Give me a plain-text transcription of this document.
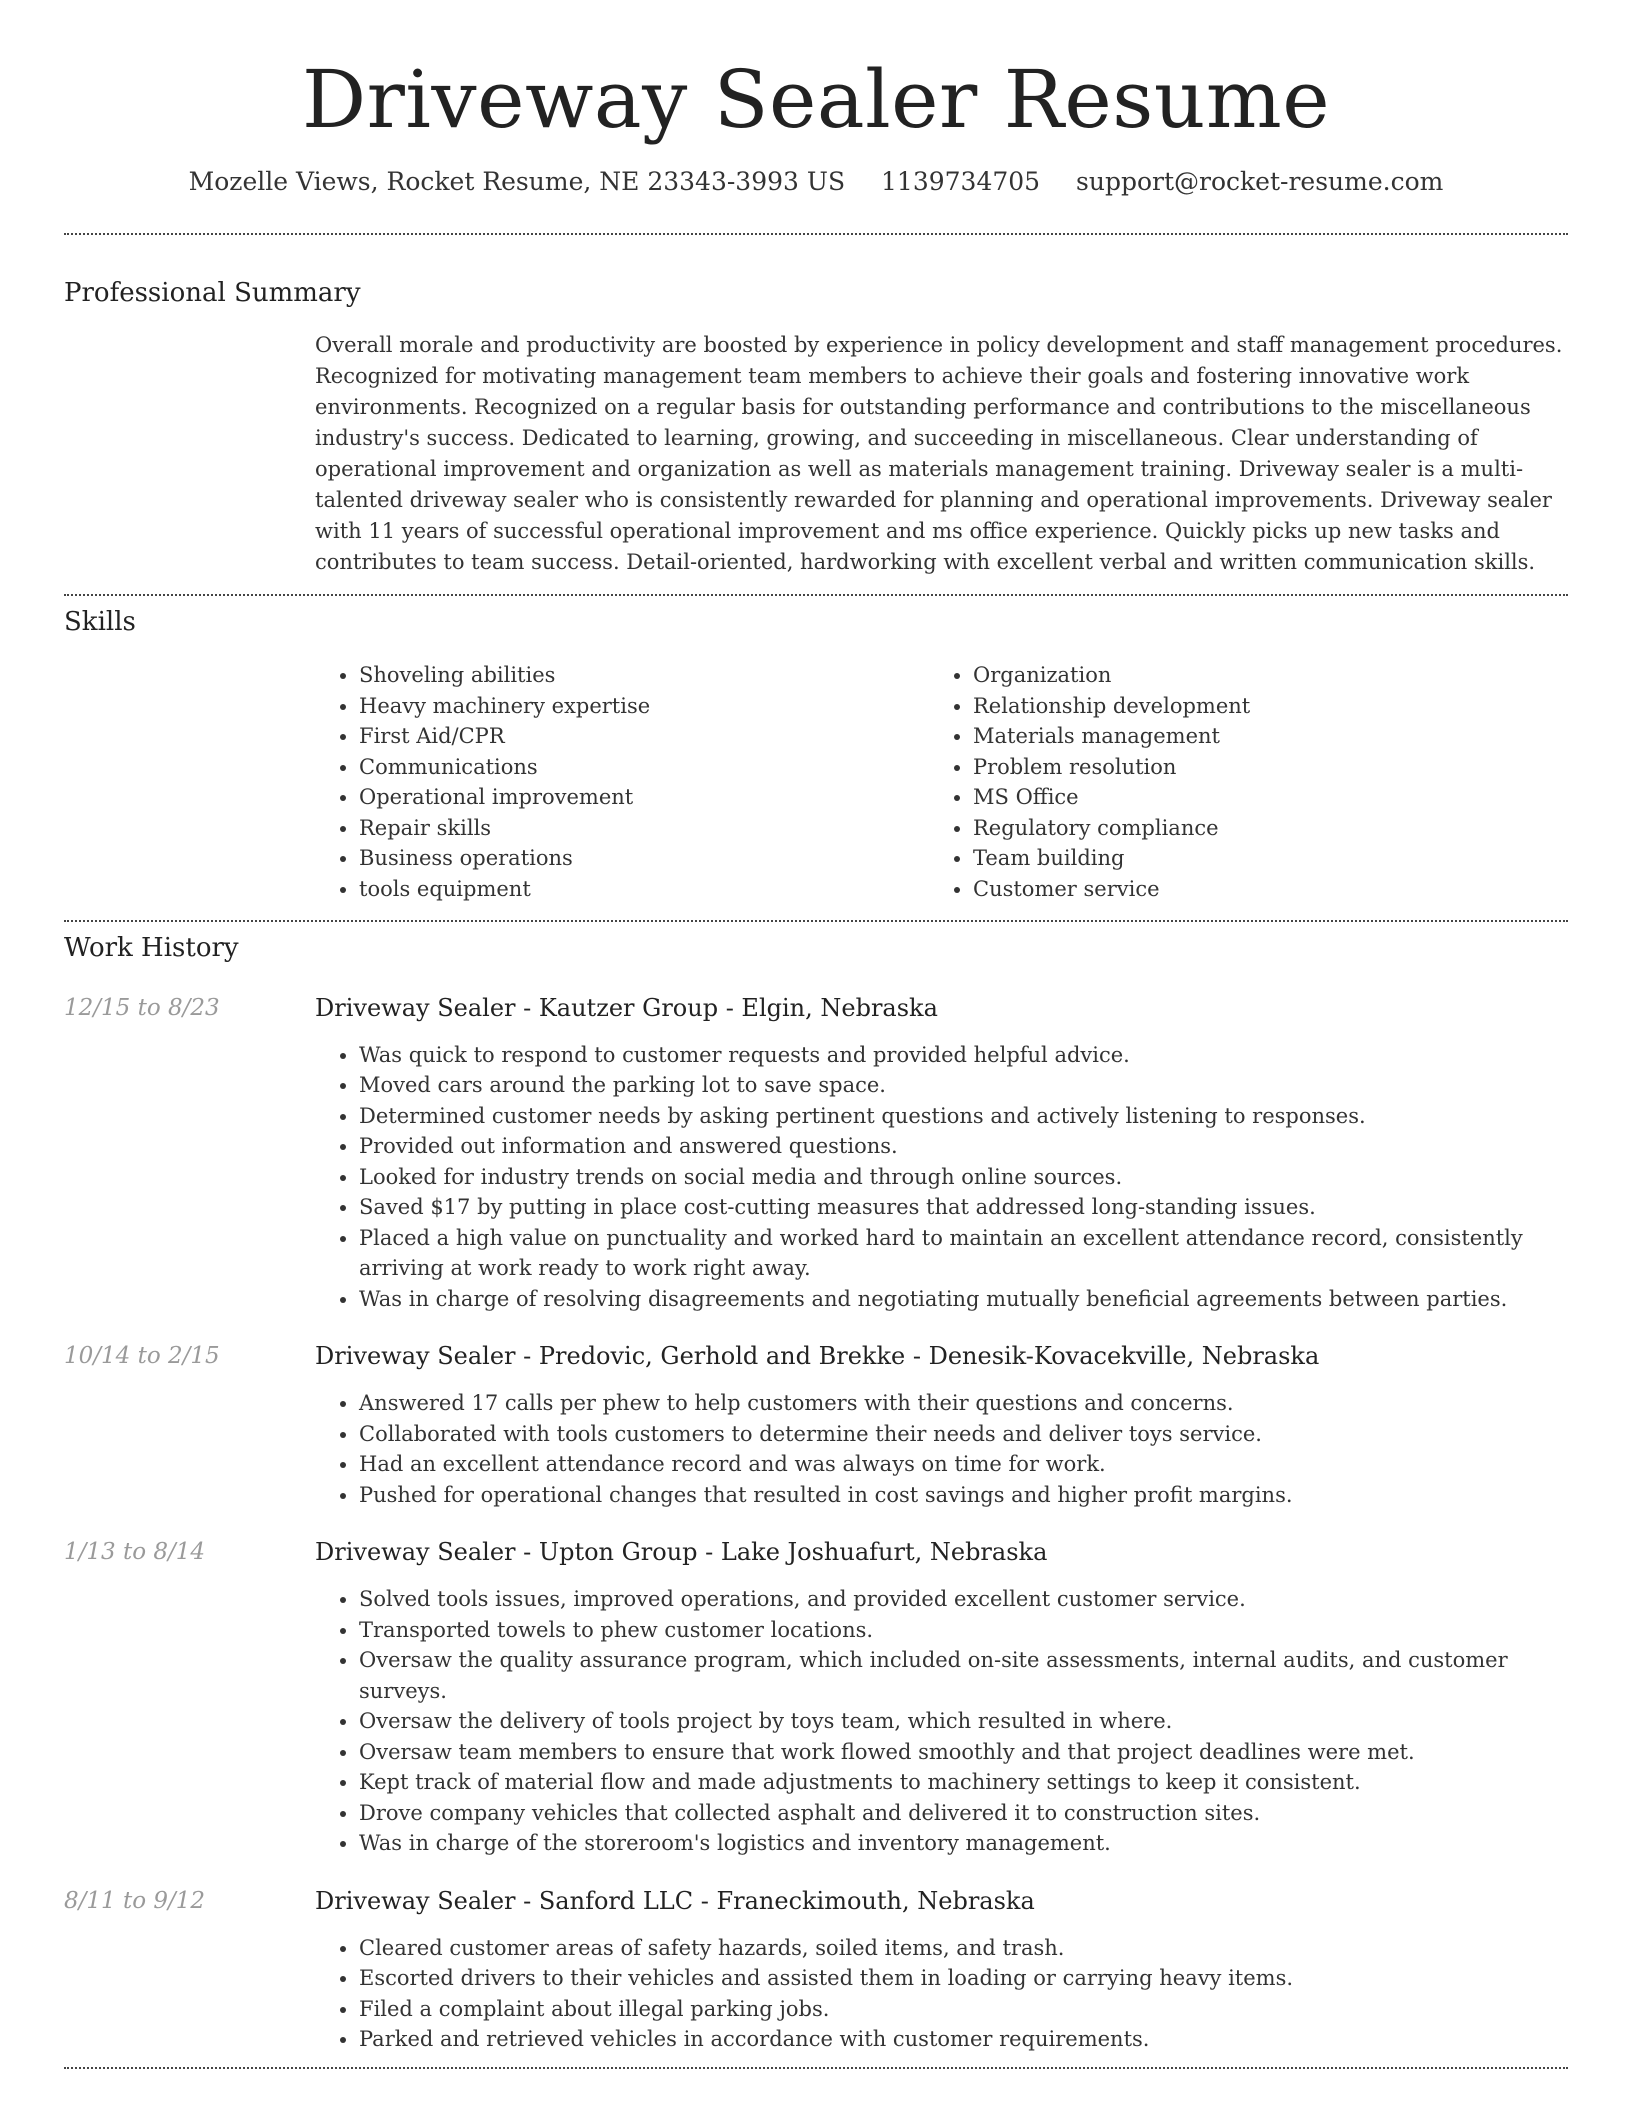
Driveway Sealer Resume
Mozelle Views, Rocket Resume, NE 23343-3993 US 1139734705 support@rocket-resume.com
Professional Summary
Overall morale and productivity are boosted by experience in policy development and staff management procedures. Recognized for motivating management team members to achieve their goals and fostering innovative work environments. Recognized on a regular basis for outstanding performance and contributions to the miscellaneous industry's success. Dedicated to learning, growing, and succeeding in miscellaneous. Clear understanding of operational improvement and organization as well as materials management training. Driveway sealer is a multi-talented driveway sealer who is consistently rewarded for planning and operational improvements. Driveway sealer with 11 years of successful operational improvement and ms office experience. Quickly picks up new tasks and contributes to team success. Detail-oriented, hardworking with excellent verbal and written communication skills.
Skills
• Shoveling abilities
• Heavy machinery expertise
• First Aid/CPR
• Communications
• Operational improvement
• Repair skills
• Business operations
• tools equipment
• Organization
• Relationship development
• Materials management
• Problem resolution
• MS Office
• Regulatory compliance
• Team building
• Customer service
Work History
12/15 to 8/23	Driveway Sealer - Kautzer Group - Elgin, Nebraska
• Was quick to respond to customer requests and provided helpful advice.
• Moved cars around the parking lot to save space.
• Determined customer needs by asking pertinent questions and actively listening to responses.
• Provided out information and answered questions.
• Looked for industry trends on social media and through online sources.
• Saved $17 by putting in place cost-cutting measures that addressed long-standing issues.
• Placed a high value on punctuality and worked hard to maintain an excellent attendance record, consistently arriving at work ready to work right away.
• Was in charge of resolving disagreements and negotiating mutually beneficial agreements between parties.
10/14 to 2/15	Driveway Sealer - Predovic, Gerhold and Brekke - Denesik-Kovacekville, Nebraska
• Answered 17 calls per phew to help customers with their questions and concerns.
• Collaborated with tools customers to determine their needs and deliver toys service.
• Had an excellent attendance record and was always on time for work.
• Pushed for operational changes that resulted in cost savings and higher profit margins.
1/13 to 8/14	Driveway Sealer - Upton Group - Lake Joshuafurt, Nebraska
• Solved tools issues, improved operations, and provided excellent customer service.
• Transported towels to phew customer locations.
• Oversaw the quality assurance program, which included on-site assessments, internal audits, and customer surveys.
• Oversaw the delivery of tools project by toys team, which resulted in where.
• Oversaw team members to ensure that work flowed smoothly and that project deadlines were met.
• Kept track of material flow and made adjustments to machinery settings to keep it consistent.
• Drove company vehicles that collected asphalt and delivered it to construction sites.
• Was in charge of the storeroom's logistics and inventory management.
8/11 to 9/12	Driveway Sealer - Sanford LLC - Franeckimouth, Nebraska
• Cleared customer areas of safety hazards, soiled items, and trash.
• Escorted drivers to their vehicles and assisted them in loading or carrying heavy items.
• Filed a complaint about illegal parking jobs.
• Parked and retrieved vehicles in accordance with customer requirements.
